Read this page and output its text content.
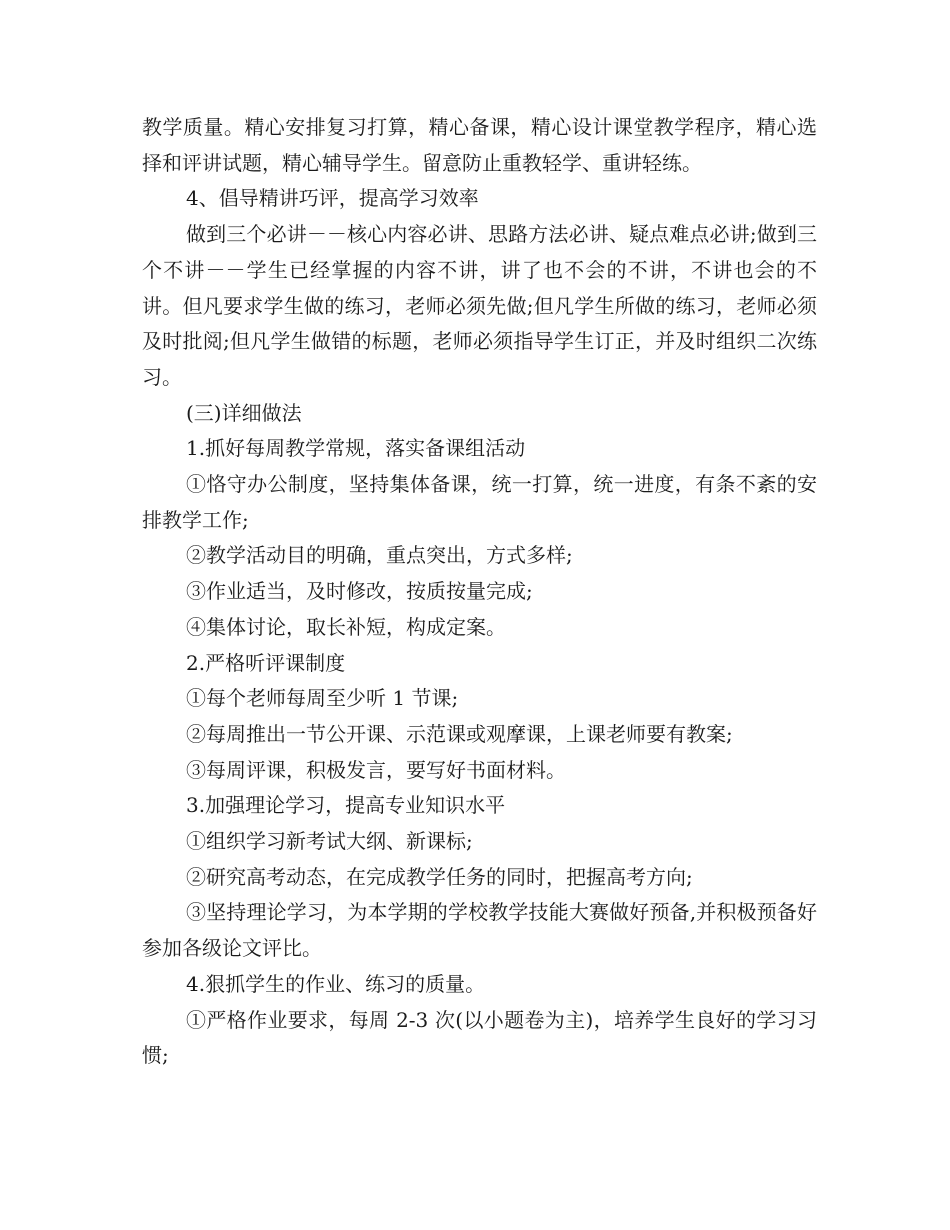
教学质量。精心安排复习打算，精心备课，精心设计课堂教学程序，精心选择和评讲试题，精心辅导学生。留意防止重教轻学、重讲轻练。

4、倡导精讲巧评，提高学习效率

做到三个必讲－－核心内容必讲、思路方法必讲、疑点难点必讲;做到三个不讲－－学生已经掌握的内容不讲，讲了也不会的不讲，不讲也会的不讲。但凡要求学生做的练习，老师必须先做;但凡学生所做的练习，老师必须及时批阅;但凡学生做错的标题，老师必须指导学生订正，并及时组织二次练习。

(三)详细做法

1.抓好每周教学常规，落实备课组活动

①恪守办公制度，坚持集体备课，统一打算，统一进度，有条不紊的安排教学工作;

②教学活动目的明确，重点突出，方式多样;

③作业适当，及时修改，按质按量完成;

④集体讨论，取长补短，构成定案。

2.严格听评课制度

①每个老师每周至少听 1 节课;

②每周推出一节公开课、示范课或观摩课，上课老师要有教案;

③每周评课，积极发言，要写好书面材料。

3.加强理论学习，提高专业知识水平

①组织学习新考试大纲、新课标;

②研究高考动态，在完成教学任务的同时，把握高考方向;

③坚持理论学习，为本学期的学校教学技能大赛做好预备,并积极预备好参加各级论文评比。

4.狠抓学生的作业、练习的质量。

①严格作业要求，每周 2-3 次(以小题卷为主)，培养学生良好的学习习惯;
